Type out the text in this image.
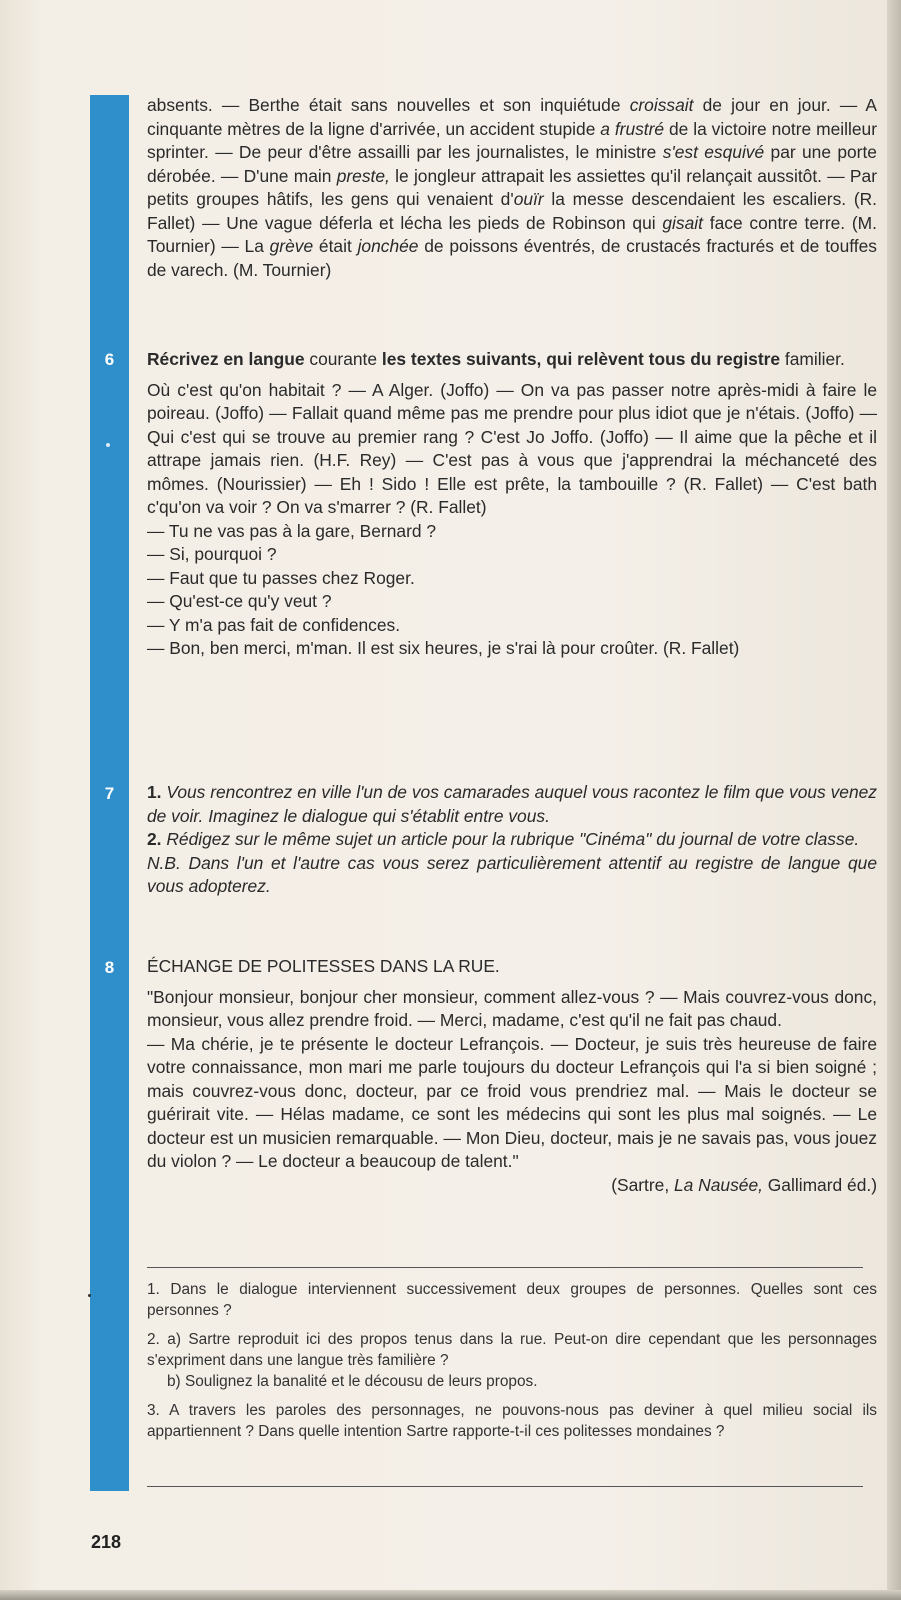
6
7
8

absents. — Berthe était sans nouvelles et son inquiétude croissait de jour en jour. — A cinquante mètres de la ligne d'arrivée, un accident stupide a frustré de la victoire notre meilleur sprinter. — De peur d'être assailli par les journalistes, le ministre s'est esquivé par une porte dérobée. — D'une main preste, le jongleur attrapait les assiettes qu'il relançait aussitôt. — Par petits groupes hâtifs, les gens qui venaient d'ouïr la messe descendaient les escaliers. (R. Fallet) — Une vague déferla et lécha les pieds de Robinson qui gisait face contre terre. (M. Tournier) — La grève était jonchée de poissons éventrés, de crustacés fracturés et de touffes de varech. (M. Tournier)

Récrivez en langue courante les textes suivants, qui relèvent tous du registre familier.

Où c'est qu'on habitait ? — A Alger. (Joffo) — On va pas passer notre après-midi à faire le poireau. (Joffo) — Fallait quand même pas me prendre pour plus idiot que je n'étais. (Joffo) — Qui c'est qui se trouve au premier rang ? C'est Jo Joffo. (Joffo) — Il aime que la pêche et il attrape jamais rien. (H.F. Rey) — C'est pas à vous que j'apprendrai la méchanceté des mômes. (Nourissier) — Eh ! Sido ! Elle est prête, la tambouille ? (R. Fallet) — C'est bath c'qu'on va voir ? On va s'marrer ? (R. Fallet)

— Tu ne vas pas à la gare, Bernard ?

— Si, pourquoi ?

— Faut que tu passes chez Roger.

— Qu'est-ce qu'y veut ?

— Y m'a pas fait de confidences.

— Bon, ben merci, m'man. Il est six heures, je s'rai là pour croûter. (R. Fallet)

1. Vous rencontrez en ville l'un de vos camarades auquel vous racontez le film que vous venez de voir. Imaginez le dialogue qui s'établit entre vous.

2. Rédigez sur le même sujet un article pour la rubrique "Cinéma" du journal de votre classe.

N.B. Dans l'un et l'autre cas vous serez particulièrement attentif au registre de langue que vous adopterez.

ÉCHANGE DE POLITESSES DANS LA RUE.

"Bonjour monsieur, bonjour cher monsieur, comment allez-vous ? — Mais couvrez-vous donc, monsieur, vous allez prendre froid. — Merci, madame, c'est qu'il ne fait pas chaud.

— Ma chérie, je te présente le docteur Lefrançois. — Docteur, je suis très heureuse de faire votre connaissance, mon mari me parle toujours du docteur Lefrançois qui l'a si bien soigné ; mais couvrez-vous donc, docteur, par ce froid vous prendriez mal. — Mais le docteur se guérirait vite. — Hélas madame, ce sont les médecins qui sont les plus mal soignés. — Le docteur est un musicien remarquable. — Mon Dieu, docteur, mais je ne savais pas, vous jouez du violon ? — Le docteur a beaucoup de talent."

(Sartre, La Nausée, Gallimard éd.)

1. Dans le dialogue interviennent successivement deux groupes de personnes. Quelles sont ces personnes ?

2. a) Sartre reproduit ici des propos tenus dans la rue. Peut-on dire cependant que les personnages s'expriment dans une langue très familière ?

b) Soulignez la banalité et le décousu de leurs propos.

3. A travers les paroles des personnages, ne pouvons-nous pas deviner à quel milieu social ils appartiennent ? Dans quelle intention Sartre rapporte-t-il ces politesses mondaines ?

218
